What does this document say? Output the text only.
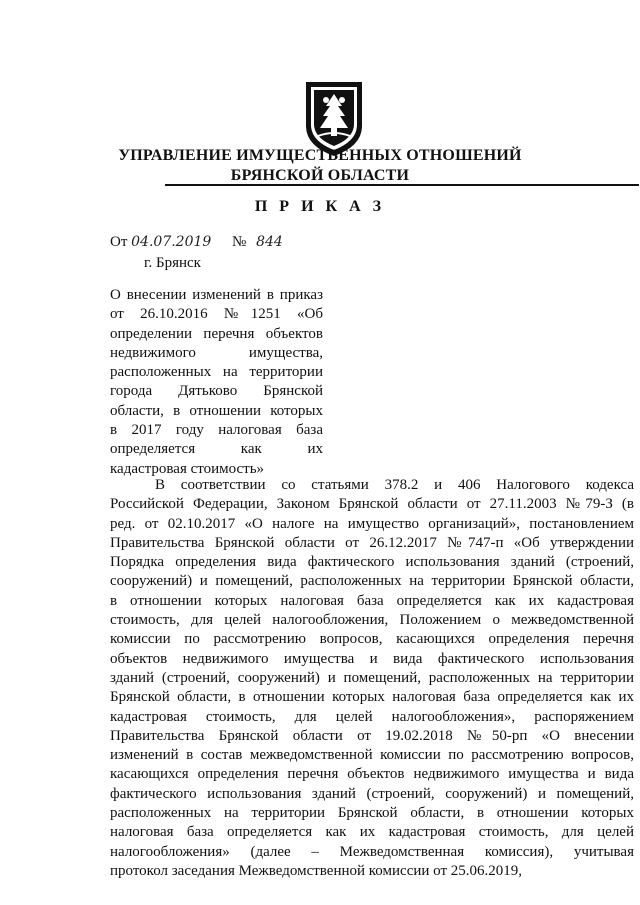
УПРАВЛЕНИЕ ИМУЩЕСТВЕННЫХ ОТНОШЕНИЙ
БРЯНСКОЙ ОБЛАСТИ
П Р И К А З
От 04.07.2019 № 844
г. Брянск
О внесении изменений в приказ
от 26.10.2016 №1251 «Об
определении перечня объектов
недвижимого имущества,
расположенных на территории
города Дятьково Брянской
области, в отношении которых
в 2017 году налоговая база
определяется как их
кадастровая стоимость»
В соответствии со статьями 378.2 и 406 Налогового кодекса
Российской Федерации, Законом Брянской области от 27.11.2003 №79-З (в
ред. от 02.10.2017 «О налоге на имущество организаций», постановлением
Правительства Брянской области от 26.12.2017 №747-п «Об утверждении
Порядка определения вида фактического использования зданий (строений,
сооружений) и помещений, расположенных на территории Брянской области,
в отношении которых налоговая база определяется как их кадастровая
стоимость, для целей налогообложения, Положением о межведомственной
комиссии по рассмотрению вопросов, касающихся определения перечня
объектов недвижимого имущества и вида фактического использования
зданий (строений, сооружений) и помещений, расположенных на территории
Брянской области, в отношении которых налоговая база определяется как их
кадастровая стоимость, для целей налогообложения», распоряжением
Правительства Брянской области от 19.02.2018 №50-рп «О внесении
изменений в состав межведомственной комиссии по рассмотрению вопросов,
касающихся определения перечня объектов недвижимого имущества и вида
фактического использования зданий (строений, сооружений) и помещений,
расположенных на территории Брянской области, в отношении которых
налоговая база определяется как их кадастровая стоимость, для целей
налогообложения» (далее – Межведомственная комиссия), учитывая
протокол заседания Межведомственной комиссии от 25.06.2019,
